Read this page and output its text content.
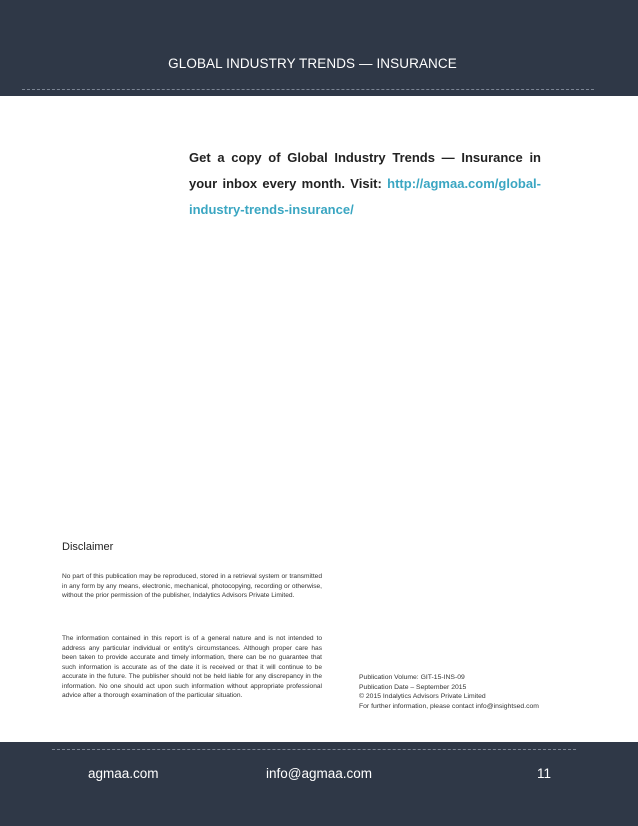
GLOBAL INDUSTRY TRENDS — INSURANCE
Get a copy of Global Industry Trends — Insurance in your inbox every month. Visit: http://agmaa.com/global-industry-trends-insurance/
Disclaimer
No part of this publication may be reproduced, stored in a retrieval system or transmitted in any form by any means, electronic, mechanical, photocopying, recording or otherwise, without the prior permission of the publisher, Indalytics Advisors Private Limited.
The information contained in this report is of a general nature and is not intended to address any particular individual or entity's circumstances. Although proper care has been taken to provide accurate and timely information, there can be no guarantee that such information is accurate as of the date it is received or that it will continue to be accurate in the future. The publisher should not be held liable for any discrepancy in the information. No one should act upon such information without appropriate professional advice after a thorough examination of the particular situation.
Publication Volume: GIT-15-INS-09
Publication Date – September 2015
© 2015 Indalytics Advisors Private Limited
For further information, please contact info@insightsed.com
agmaa.com	info@agmaa.com	11
